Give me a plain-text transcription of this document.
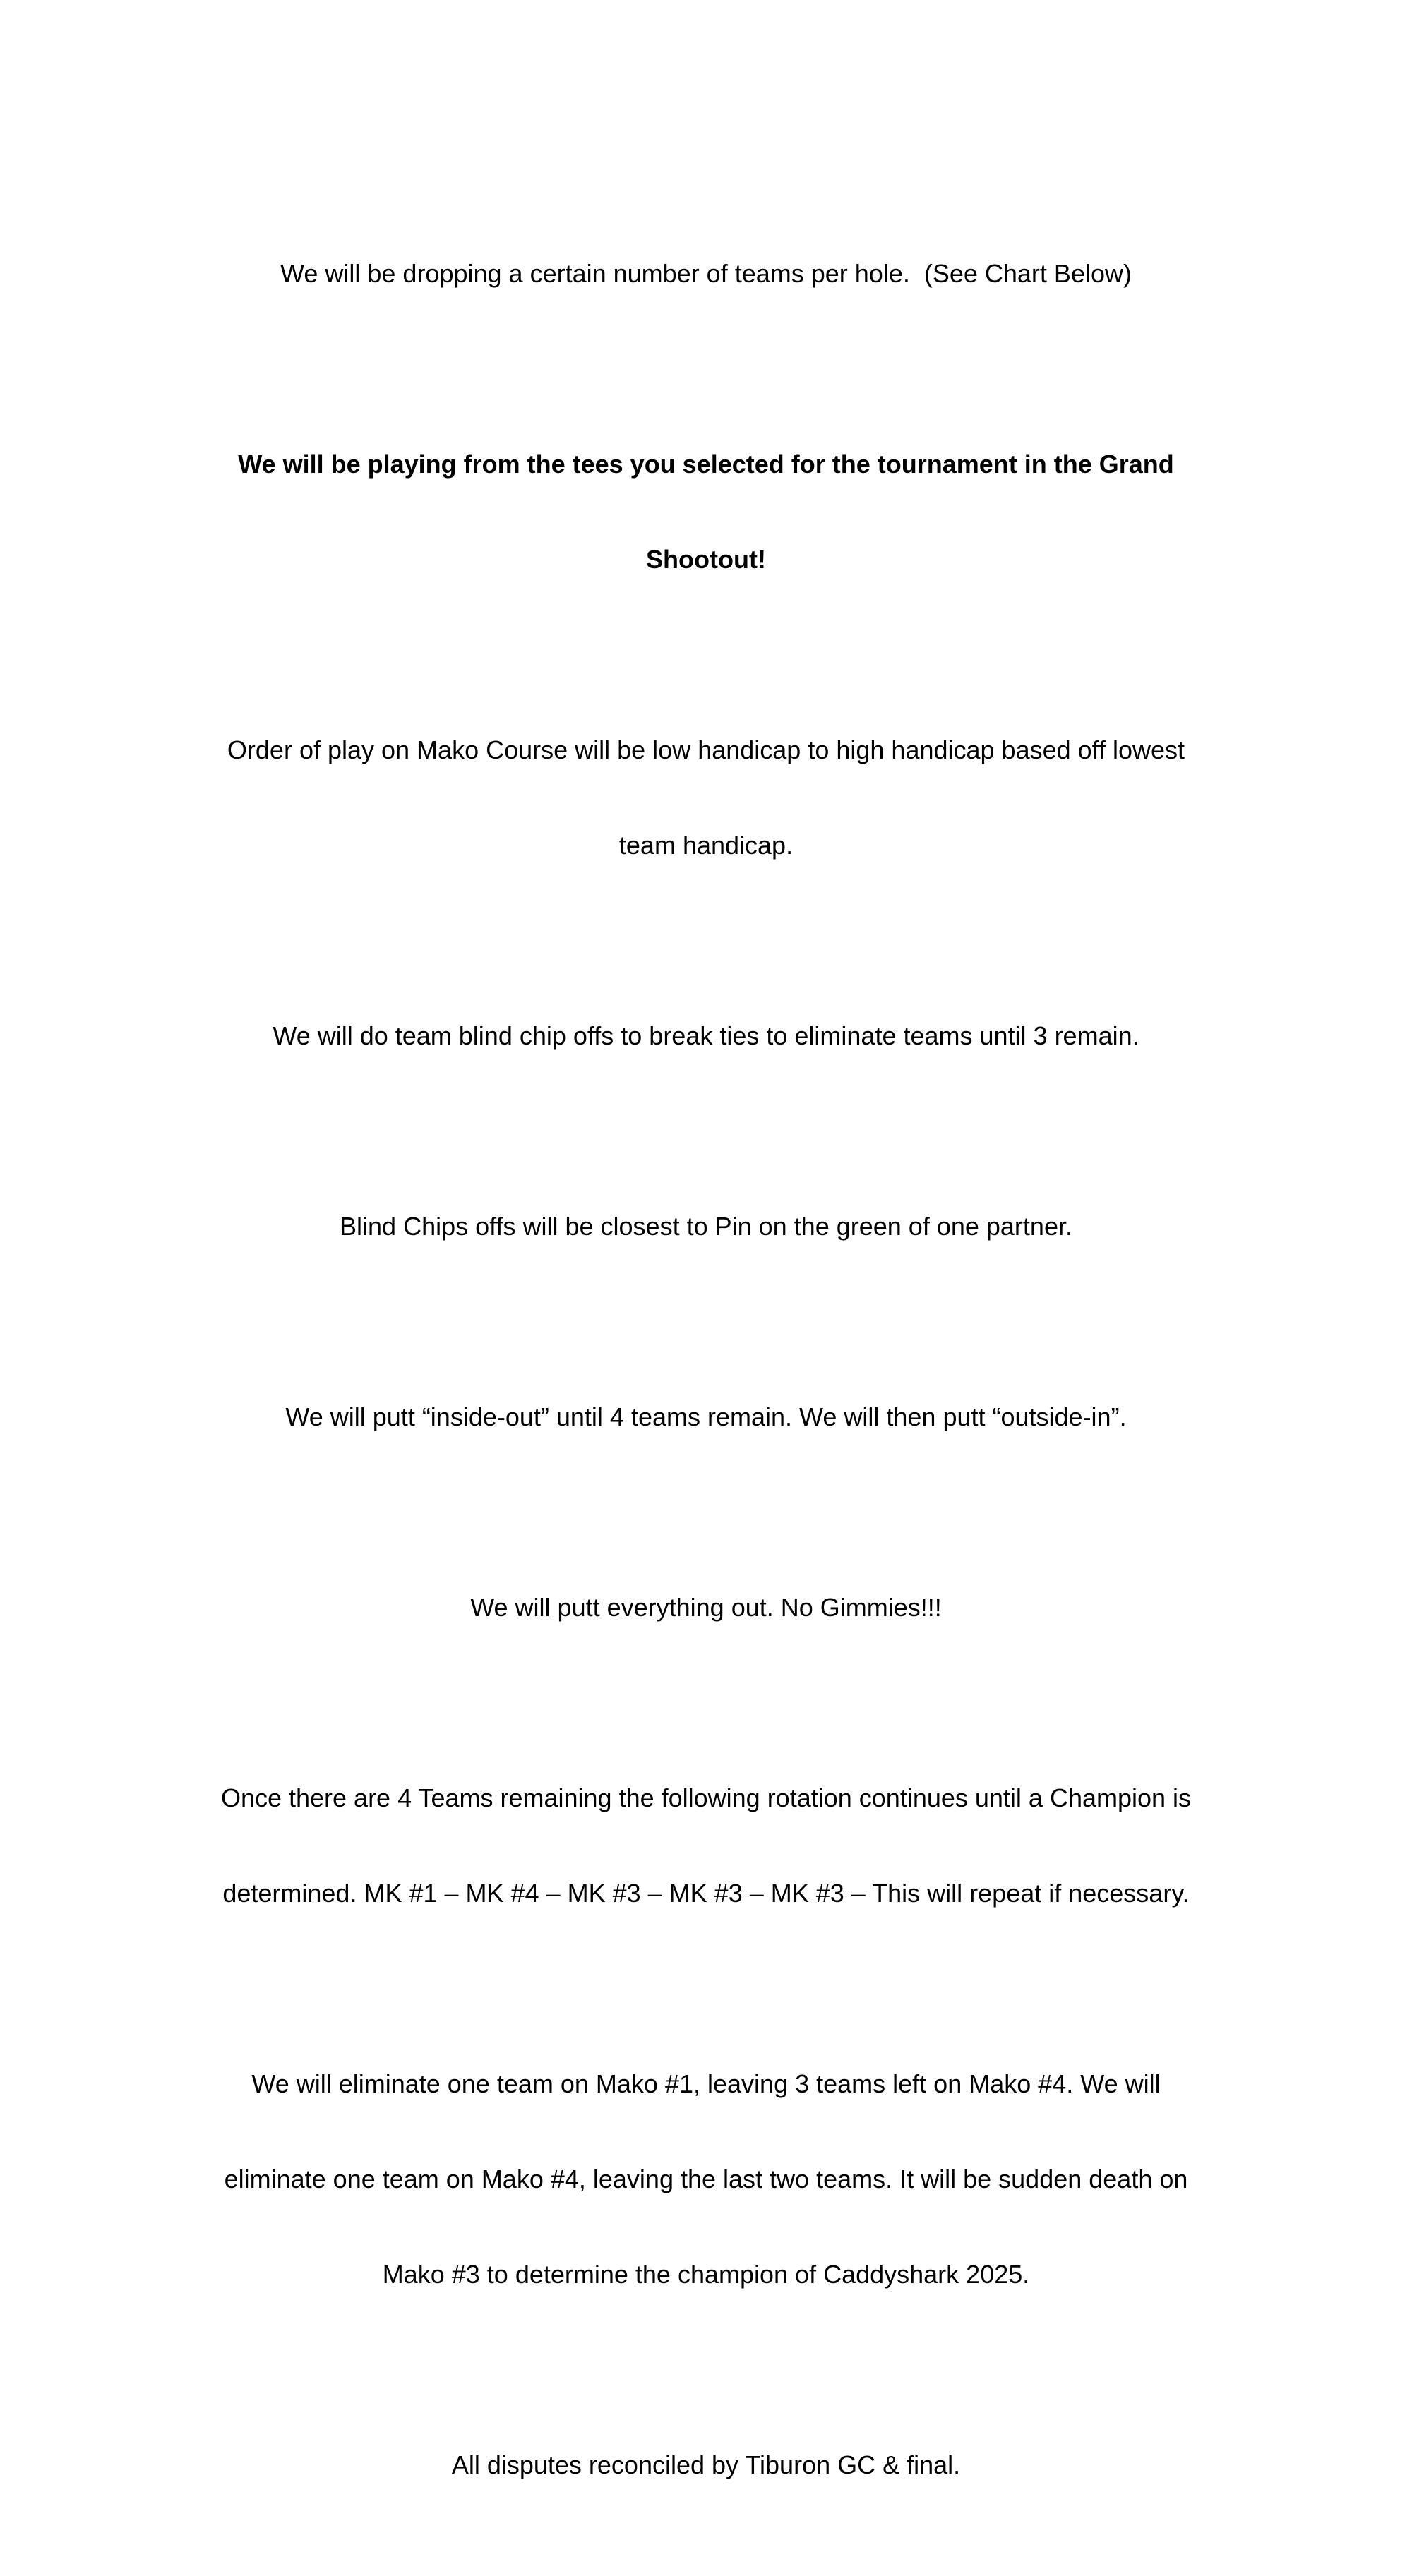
We will be dropping a certain number of teams per hole.  (See Chart Below)

We will be playing from the tees you selected for the tournament in the Grand

Shootout!

Order of play on Mako Course will be low handicap to high handicap based off lowest

team handicap.

We will do team blind chip offs to break ties to eliminate teams until 3 remain.

Blind Chips offs will be closest to Pin on the green of one partner.

We will putt “inside-out” until 4 teams remain. We will then putt “outside-in”.

We will putt everything out. No Gimmies!!!

Once there are 4 Teams remaining the following rotation continues until a Champion is

determined. MK #1 – MK #4 – MK #3 – MK #3 – MK #3 – This will repeat if necessary.

We will eliminate one team on Mako #1, leaving 3 teams left on Mako #4. We will

eliminate one team on Mako #4, leaving the last two teams. It will be sudden death on

Mako #3 to determine the champion of Caddyshark 2025.

All disputes reconciled by Tiburon GC & final.
